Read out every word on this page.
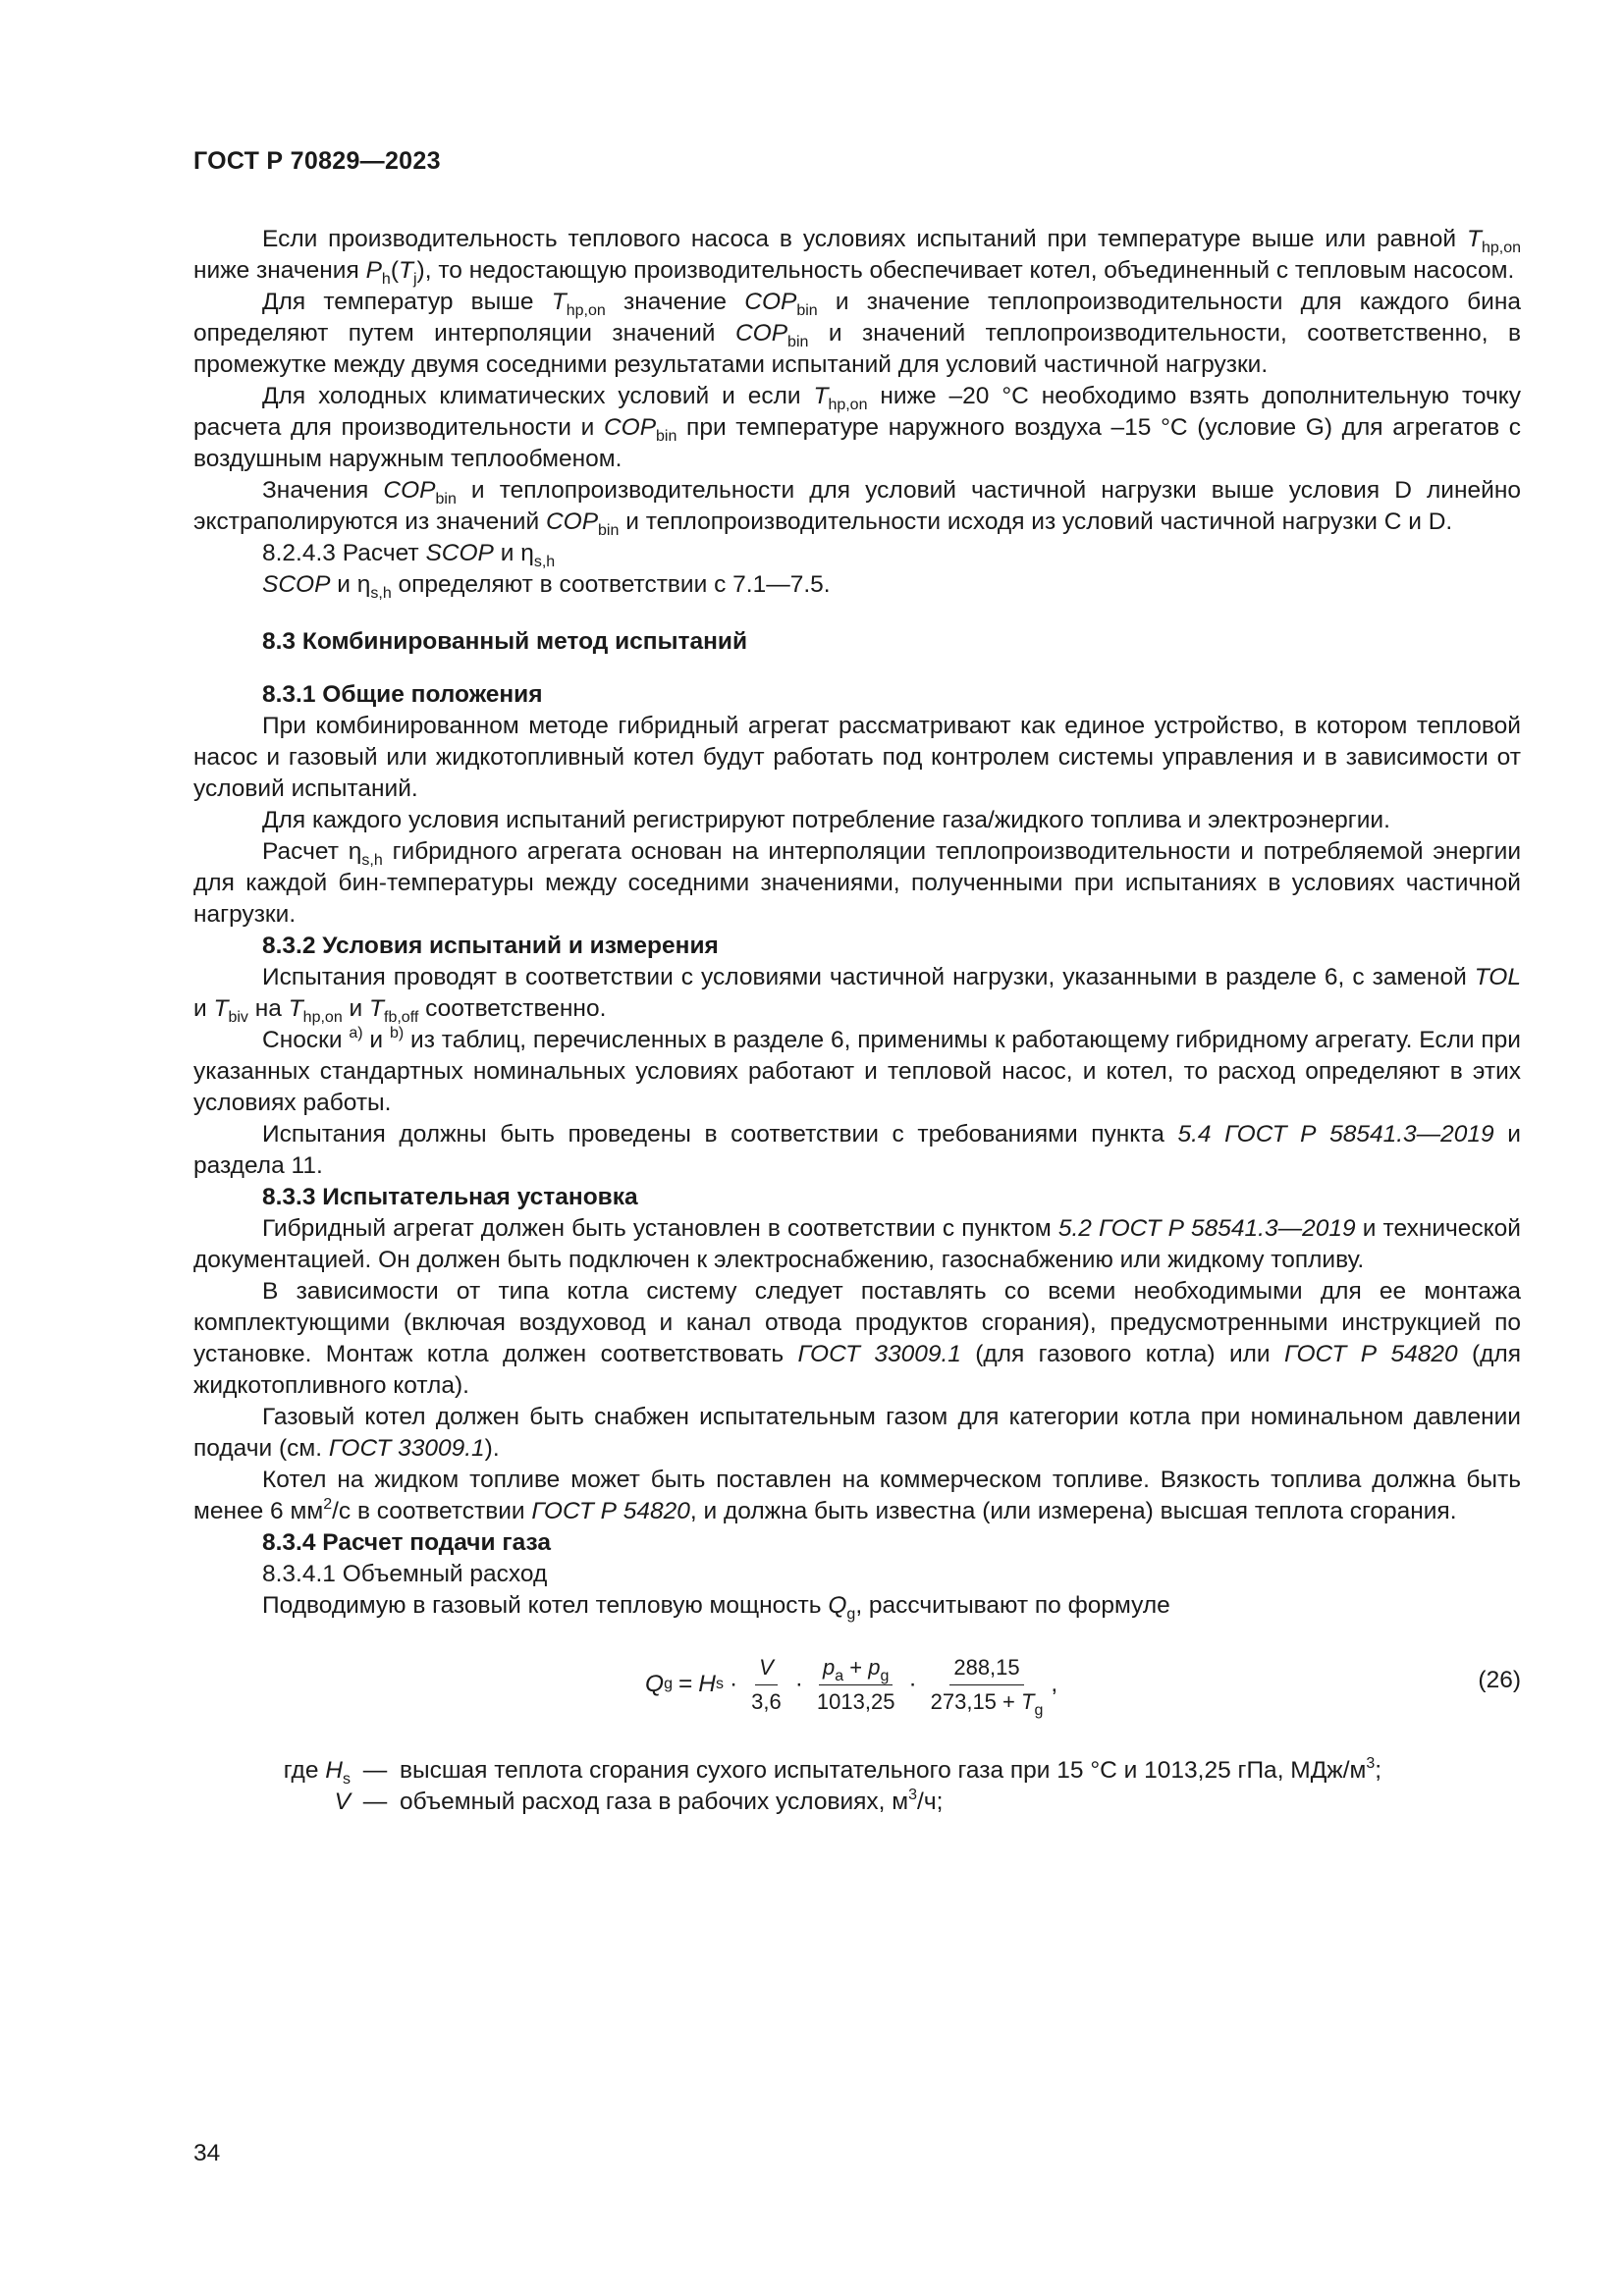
ГОСТ Р 70829—2023

Если производительность теплового насоса в условиях испытаний при температуре выше или равной $T_{hp,on}$ ниже значения $P_h(T_j)$, то недостающую производительность обеспечивает котел, объединенный с тепловым насосом.

Для температур выше $T_{hp,on}$ значение $COP_{bin}$ и значение теплопроизводительности для каждого бина определяют путем интерполяции значений $COP_{bin}$ и значений теплопроизводительности, соответственно, в промежутке между двумя соседними результатами испытаний для условий частичной нагрузки.

Для холодных климатических условий и если $T_{hp,on}$ ниже –20 °С необходимо взять дополнительную точку расчета для производительности и $COP_{bin}$ при температуре наружного воздуха –15 °С (условие G) для агрегатов с воздушным наружным теплообменом.

Значения $COP_{bin}$ и теплопроизводительности для условий частичной нагрузки выше условия D линейно экстраполируются из значений $COP_{bin}$ и теплопроизводительности исходя из условий частичной нагрузки С и D.

8.2.4.3 Расчет SCOP и $\eta_{s,h}$

SCOP и $\eta_{s,h}$ определяют в соответствии с 7.1—7.5.

8.3 Комбинированный метод испытаний

8.3.1 Общие положения

При комбинированном методе гибридный агрегат рассматривают как единое устройство, в котором тепловой насос и газовый или жидкотопливный котел будут работать под контролем системы управления и в зависимости от условий испытаний.

Для каждого условия испытаний регистрируют потребление газа/жидкого топлива и электроэнергии.

Расчет $\eta_{s,h}$ гибридного агрегата основан на интерполяции теплопроизводительности и потребляемой энергии для каждой бин-температуры между соседними значениями, полученными при испытаниях в условиях частичной нагрузки.

8.3.2 Условия испытаний и измерения

Испытания проводят в соответствии с условиями частичной нагрузки, указанными в разделе 6, с заменой TOL и $T_{biv}$ на $T_{hp,on}$ и $T_{fb,off}$ соответственно.

Сноски $^{a)}$ и $^{b)}$ из таблиц, перечисленных в разделе 6, применимы к работающему гибридному агрегату. Если при указанных стандартных номинальных условиях работают и тепловой насос, и котел, то расход определяют в этих условиях работы.

Испытания должны быть проведены в соответствии с требованиями пункта 5.4 ГОСТ Р 58541.3—2019 и раздела 11.

8.3.3 Испытательная установка

Гибридный агрегат должен быть установлен в соответствии с пунктом 5.2 ГОСТ Р 58541.3—2019 и технической документацией. Он должен быть подключен к электроснабжению, газоснабжению или жидкому топливу.

В зависимости от типа котла систему следует поставлять со всеми необходимыми для ее монтажа комплектующими (включая воздуховод и канал отвода продуктов сгорания), предусмотренными инструкцией по установке. Монтаж котла должен соответствовать ГОСТ 33009.1 (для газового котла) или ГОСТ Р 54820 (для жидкотопливного котла).

Газовый котел должен быть снабжен испытательным газом для категории котла при номинальном давлении подачи (см. ГОСТ 33009.1).

Котел на жидком топливе может быть поставлен на коммерческом топливе. Вязкость топлива должна быть менее 6 $мм^2/с$ в соответствии ГОСТ Р 54820, и должна быть известна (или измерена) высшая теплота сгорания.

8.3.4 Расчет подачи газа

8.3.4.1 Объемный расход

Подводимую в газовый котел тепловую мощность $Q_g$, рассчитывают по формуле

Q g = H $s \cdot \frac{V}{3,6} \cdot \frac{p_a + p_g}{1013,25} \cdot \frac{288,15}{273,15 + T_g}$ ,	(26)
где $H_s$ — высшая теплота сгорания сухого испытательного газа при 15 °С и 1013,25 гПа, МДж/$м^3$;
V — объемный расход газа в рабочих условиях, $м^3/ч$;
34
